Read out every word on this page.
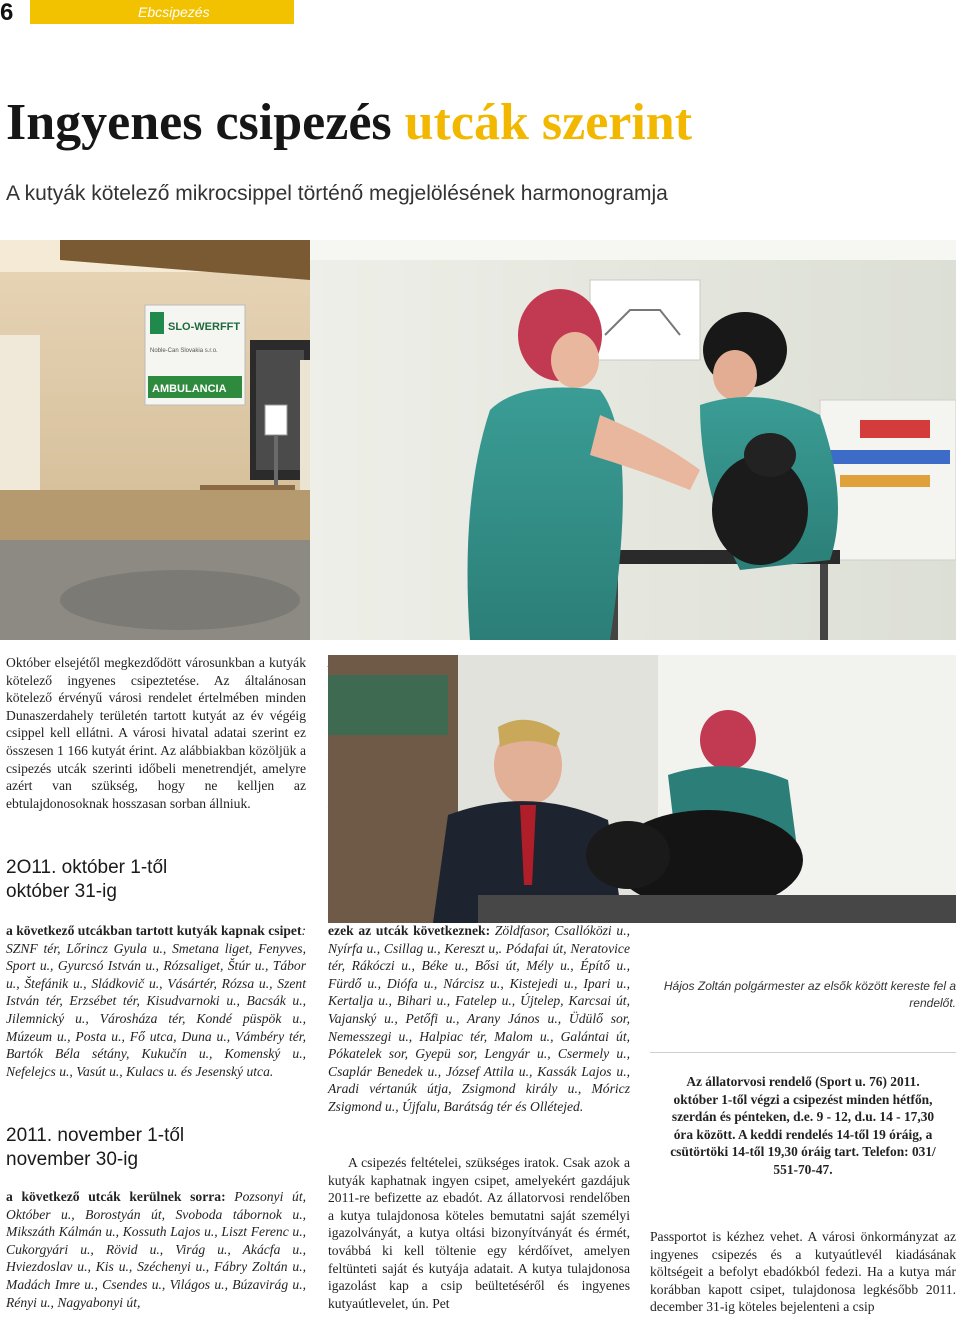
6	Ebcsipezés
Ingyenes csipezés utcák szerint
A kutyák kötelező mikrocsippel történő megjelölésének harmonogramja
SLO-WERFFT
Noble-Can Slovakia s.r.o.
AMBULANCIA
Október elsejétől megkezdődött városunkban a kutyák kötelező ingyenes csipeztetése. Az általánosan kötelező érvényű városi rendelet értelmében minden Dunaszerdahely területén tartott kutyát az év végéig csippel kell ellátni. A városi hivatal adatai szerint ez összesen 1 166 kutyát érint. Az alábbiakban közöljük a csipezés utcák szerinti időbeli menetrendjét, amelyre azért van szükség, hogy ne kelljen az ebtulajdonosoknak hosszasan sorban állniuk.
2O11. október 1-től
október 31-ig
a következő utcákban tartott kutyák kapnak csipet: SZNF tér, Lőrincz Gyula u., Smetana liget, Fenyves, Sport u., Gyurcsó István u., Rózsaliget, Štúr u., Tábor u., Štefánik u., Sládkovič u., Vásártér, Rózsa u., Szent István tér, Erzsébet tér, Kisudvarnoki u., Bacsák u., Jilemnický u., Városháza tér, Kondé püspök u., Múzeum u., Posta u., Fő utca, Duna u., Vámbéry tér, Bartók Béla sétány, Kukučín u., Komenský u., Nefelejcs u., Vasút u., Kulacs u. és Jesenský utca.
2011. november 1-től
november 30-ig
a következő utcák kerülnek sorra: Pozsonyi út, Október u., Borostyán út, Svoboda tábornok u., Mikszáth Kálmán u., Kossuth Lajos u., Liszt Ferenc u., Cukorgyári u., Rövid u., Virág u., Akácfa u., Hviezdoslav u., Kis u., Széchenyi u., Fábry Zoltán u., Madách Imre u., Csendes u., Világos u., Búzavirág u., Rényi u., Nagyabonyi út,
ezek az utcák következnek: Zöldfasor, Csallóközi u., Nyírfa u., Csillag u., Kereszt u,. Pódafai út, Neratovice tér, Rákóczi u., Béke u., Bősi út, Mély u., Építő u., Fürdő u., Diófa u., Nárcisz u., Kistejedi u., Ipari u., Kertalja u., Bihari u., Fatelep u., Újtelep, Karcsai út, Vajanský u., Petőfi u., Arany János u., Üdülő sor, Nemesszegi u., Halpiac tér, Malom u., Galántai út, Pókatelek sor, Gyepü sor, Lengyár u., Csermely u., Csaplár Benedek u., József Attila u., Kassák Lajos u., Aradi vértanúk útja, Zsigmond király u., Móricz Zsigmond u., Újfalu, Barátság tér és Ollétejed.
A csipezés feltételei, szükséges iratok. Csak azok a kutyák kaphatnak ingyen csipet, amelyekért gazdájuk 2011-re befizette az ebadót. Az állatorvosi rendelőben a kutya tulajdonosa köteles bemutatni saját személyi igazolványát, a kutya oltási bizonyítványát és érmét, továbbá ki kell töltenie egy kérdőívet, amelyen feltünteti saját és kutyája adatait. A kutya tulajdonosa igazolást kap a csip beültetéséről és ingyenes kutyaútlevelet, ún. Pet
Hájos Zoltán polgármester az elsők között kereste fel a rendelőt.
Az állatorvosi rendelő (Sport u. 76) 2011. október 1-től végzi a csipezést minden hétfőn, szerdán és pénteken, d.e. 9 - 12, d.u. 14 - 17,30 óra között. A keddi rendelés 14-től 19 óráig, a csütörtöki 14-től 19,30 óráig tart. Telefon: 031/ 551-70-47.
Passportot is kézhez vehet. A városi önkormányzat az ingyenes csipezés és a kutyaútlevél kiadásának költségeit a befolyt ebadókból fedezi. Ha a kutya már korábban kapott csipet, tulajdonosa legkésőbb 2011. december 31-ig köteles bejelenteni a csip
